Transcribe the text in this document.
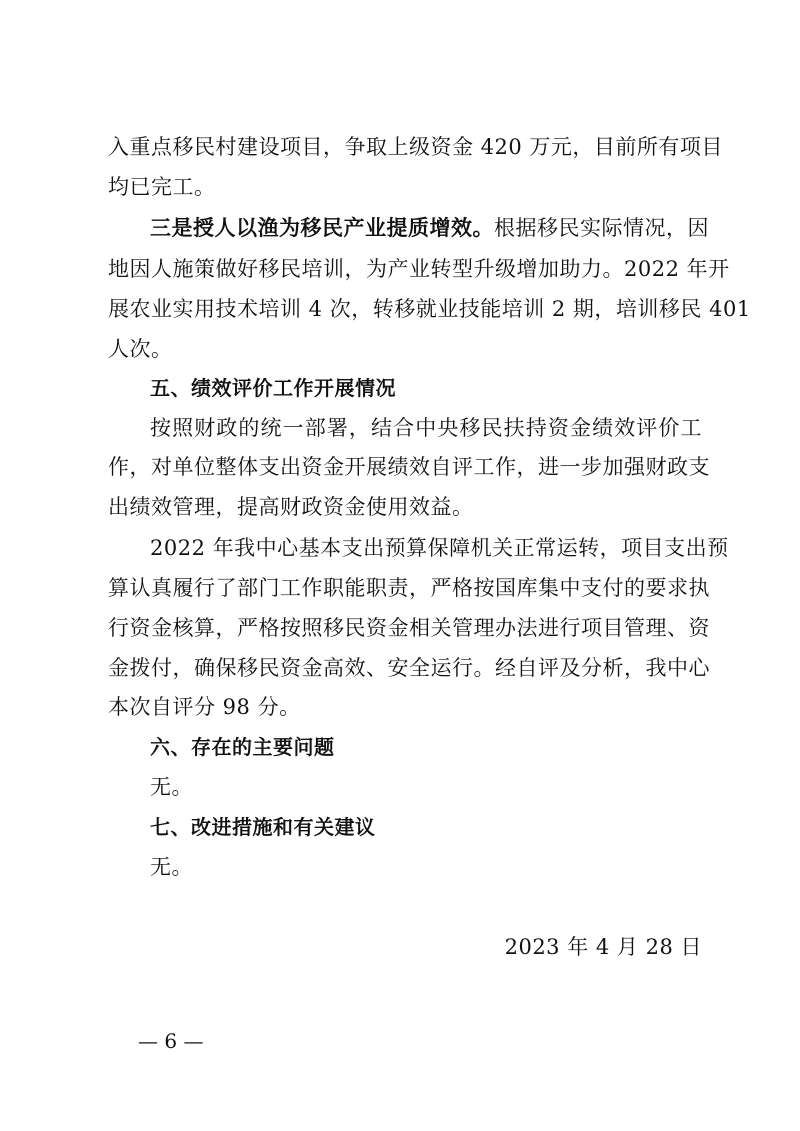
入重点移民村建设项目，争取上级资金 420 万元，目前所有项目
均已完工。
三是授人以渔为移民产业提质增效。根据移民实际情况，因
地因人施策做好移民培训，为产业转型升级增加助力。2022 年开
展农业实用技术培训 4 次，转移就业技能培训 2 期，培训移民 401
人次。
五、绩效评价工作开展情况
按照财政的统一部署，结合中央移民扶持资金绩效评价工
作，对单位整体支出资金开展绩效自评工作，进一步加强财政支
出绩效管理，提高财政资金使用效益。
2022 年我中心基本支出预算保障机关正常运转，项目支出预
算认真履行了部门工作职能职责，严格按国库集中支付的要求执
行资金核算，严格按照移民资金相关管理办法进行项目管理、资
金拨付，确保移民资金高效、安全运行。经自评及分析，我中心
本次自评分 98 分。
六、存在的主要问题
无。
七、改进措施和有关建议
无。
2023 年 4 月 28 日
— 6 —
